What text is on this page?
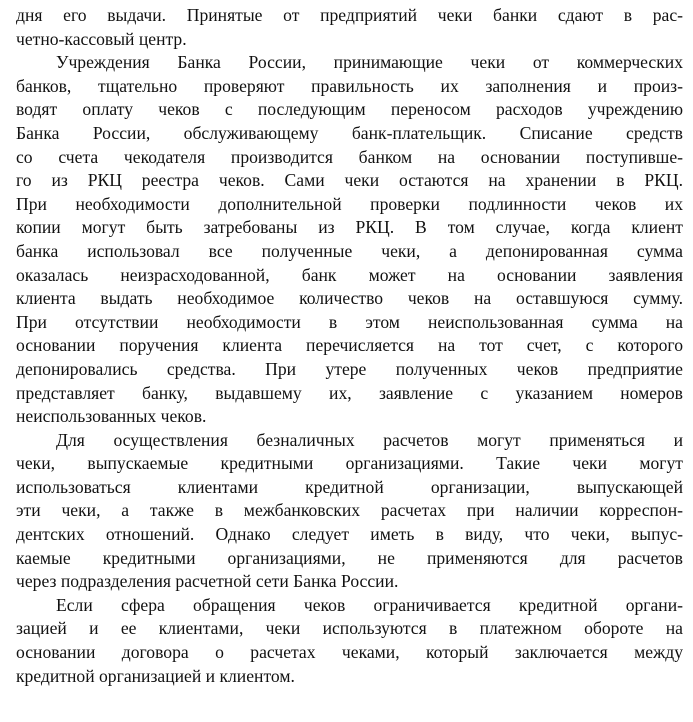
дня его выдачи. Принятые от предприятий чеки банки сдают в рас-
четно-кассовый центр.
Учреждения Банка России, принимающие чеки от коммерческих
банков, тщательно проверяют правильность их заполнения и произ-
водят оплату чеков с последующим переносом расходов учреждению
Банка России, обслуживающему банк-плательщик. Списание средств
со счета чекодателя производится банком на основании поступивше-
го из РКЦ реестра чеков. Сами чеки остаются на хранении в РКЦ.
При необходимости дополнительной проверки подлинности чеков их
копии могут быть затребованы из РКЦ. В том случае, когда клиент
банка использовал все полученные чеки, а депонированная сумма
оказалась неизрасходованной, банк может на основании заявления
клиента выдать необходимое количество чеков на оставшуюся сумму.
При отсутствии необходимости в этом неиспользованная сумма на
основании поручения клиента перечисляется на тот счет, с которого
депонировались средства. При утере полученных чеков предприятие
представляет банку, выдавшему их, заявление с указанием номеров
неиспользованных чеков.
Для осуществления безналичных расчетов могут применяться и
чеки, выпускаемые кредитными организациями. Такие чеки могут
использоваться клиентами кредитной организации, выпускающей
эти чеки, а также в межбанковских расчетах при наличии корреспон-
дентских отношений. Однако следует иметь в виду, что чеки, выпус-
каемые кредитными организациями, не применяются для расчетов
через подразделения расчетной сети Банка России.
Если сфера обращения чеков ограничивается кредитной органи-
зацией и ее клиентами, чеки используются в платежном обороте на
основании договора о расчетах чеками, который заключается между
кредитной организацией и клиентом.
